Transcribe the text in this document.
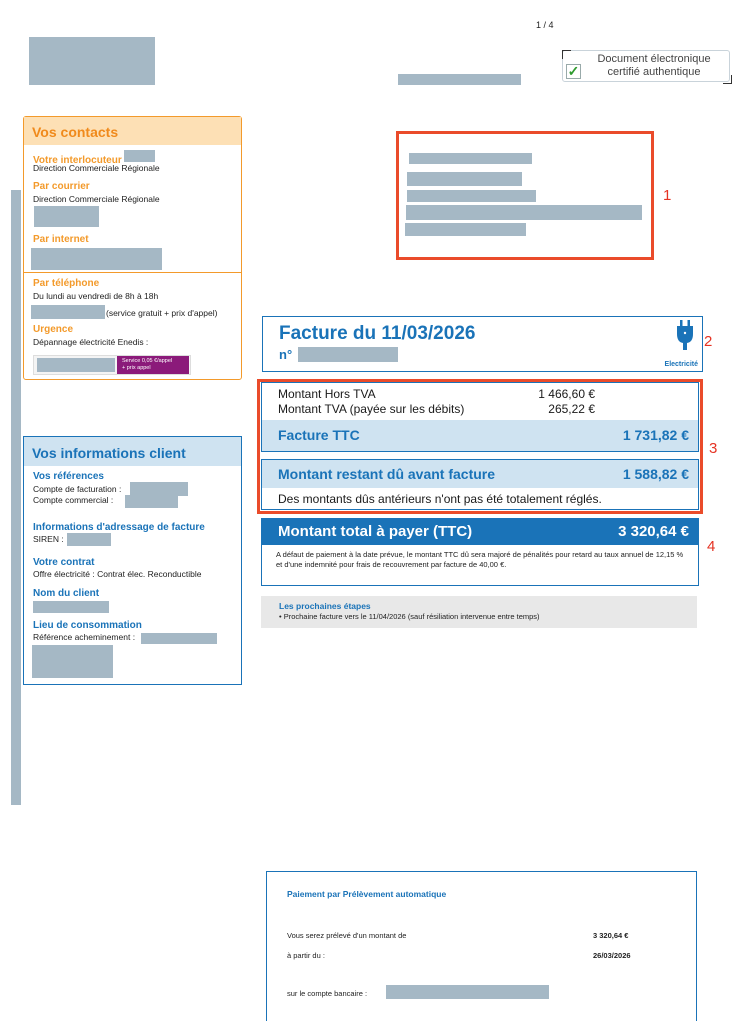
1 / 4
✓
Document électronique
certifié authentique
Vos contacts
Votre interlocuteur
Direction Commerciale Régionale
Par courrier
Direction Commerciale Régionale
Par internet
Par téléphone
Du lundi au vendredi de 8h à 18h
(service gratuit + prix d'appel)
Urgence
Dépannage électricité Enedis :
Service 0,05 €/appel
+ prix appel
Vos informations client
Vos références
Compte de facturation :
Compte commercial :
Informations d'adressage de facture
SIREN :
Votre contrat
Offre électricité : Contrat élec. Reconductible
Nom du client
Lieu de consommation
Référence acheminement :
1
Facture du 11/03/2026
n°
Electricité
2
Montant Hors TVA	1 466,60 €
Montant TVA (payée sur les débits)	265,22 €
Facture TTC	1 731,82 €
Montant restant dû avant facture	1 588,82 €
Des montants dûs antérieurs n'ont pas été totalement réglés.
3
Montant total à payer (TTC)	3 320,64 €
A défaut de paiement à la date prévue, le montant TTC dû sera majoré de pénalités pour retard au taux annuel de 12,15 % et d'une indemnité pour frais de recouvrement par facture de 40,00 €.
4
Les prochaines étapes
• Prochaine facture vers le 11/04/2026 (sauf résiliation intervenue entre temps)
Paiement par Prélèvement automatique
Vous serez prélevé d'un montant de	3 320,64 €
à partir du :	26/03/2026
sur le compte bancaire :
